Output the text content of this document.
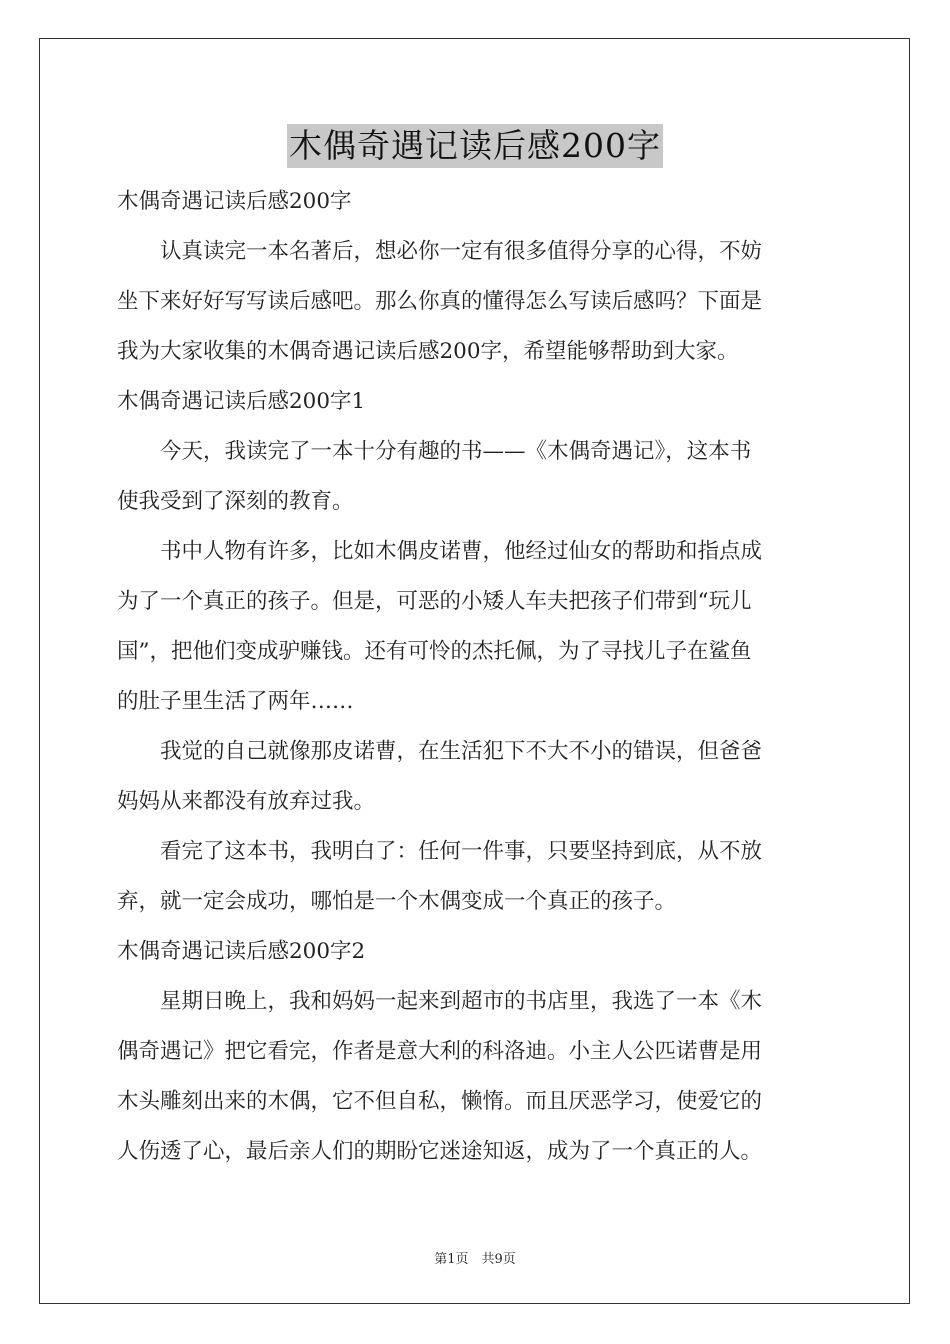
木偶奇遇记读后感200字
木偶奇遇记读后感200字
　　认真读完一本名著后，想必你一定有很多值得分享的心得，不妨
坐下来好好写写读后感吧。那么你真的懂得怎么写读后感吗？下面是
我为大家收集的木偶奇遇记读后感200字，希望能够帮助到大家。
木偶奇遇记读后感200字1
　　今天，我读完了一本十分有趣的书——《木偶奇遇记》，这本书
使我受到了深刻的教育。
　　书中人物有许多，比如木偶皮诺曹，他经过仙女的帮助和指点成
为了一个真正的孩子。但是，可恶的小矮人车夫把孩子们带到“玩儿
国”，把他们变成驴赚钱。还有可怜的杰托佩，为了寻找儿子在鲨鱼
的肚子里生活了两年……
　　我觉的自己就像那皮诺曹，在生活犯下不大不小的错误，但爸爸
妈妈从来都没有放弃过我。
　　看完了这本书，我明白了：任何一件事，只要坚持到底，从不放
弃，就一定会成功，哪怕是一个木偶变成一个真正的孩子。
木偶奇遇记读后感200字2
　　星期日晚上，我和妈妈一起来到超市的书店里，我选了一本《木
偶奇遇记》把它看完，作者是意大利的科洛迪。小主人公匹诺曹是用
木头雕刻出来的木偶，它不但自私，懒惰。而且厌恶学习，使爱它的
人伤透了心，最后亲人们的期盼它迷途知返，成为了一个真正的人。
第1页　共9页
